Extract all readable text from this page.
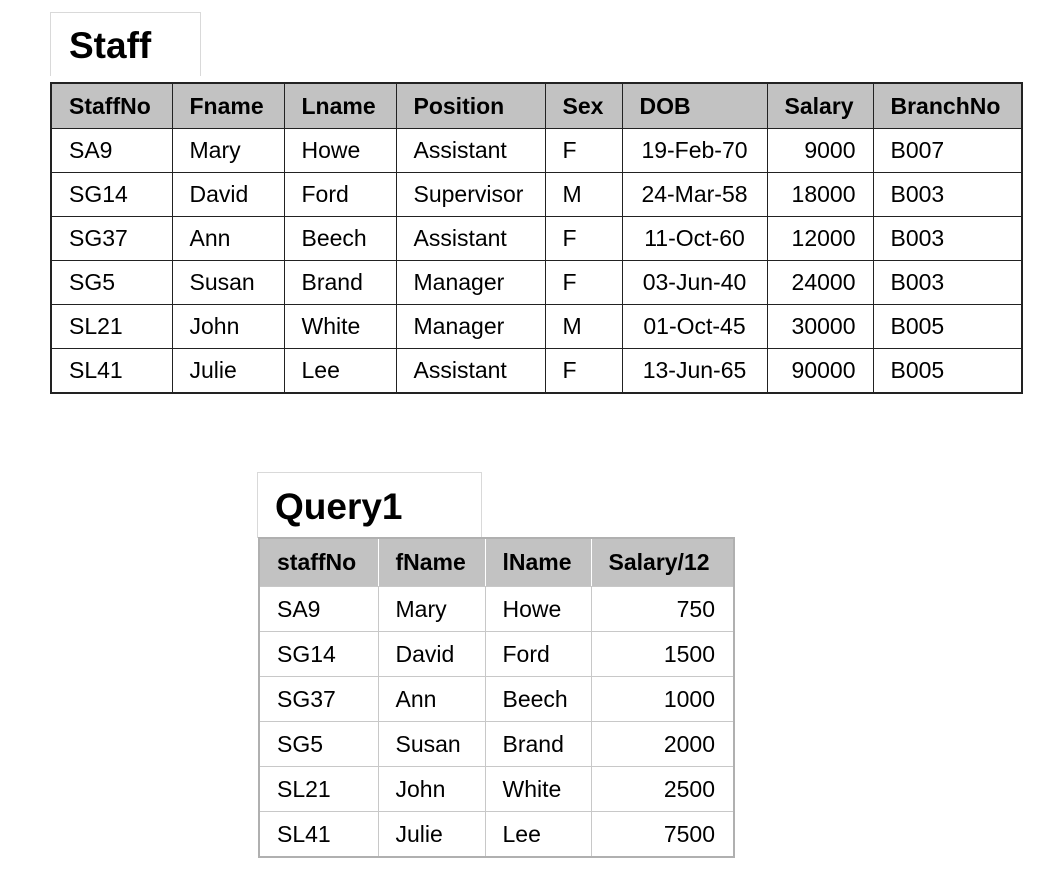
Staff
StaffNo	Fname	Lname	Position	Sex	DOB	Salary	BranchNo
SA9	Mary	Howe	Assistant	F	19-Feb-70	9000	B007
SG14	David	Ford	Supervisor	M	24-Mar-58	18000	B003
SG37	Ann	Beech	Assistant	F	11-Oct-60	12000	B003
SG5	Susan	Brand	Manager	F	03-Jun-40	24000	B003
SL21	John	White	Manager	M	01-Oct-45	30000	B005
SL41	Julie	Lee	Assistant	F	13-Jun-65	90000	B005
Query1
staffNo	fName	lName	Salary/12
SA9	Mary	Howe	750
SG14	David	Ford	1500
SG37	Ann	Beech	1000
SG5	Susan	Brand	2000
SL21	John	White	2500
SL41	Julie	Lee	7500
